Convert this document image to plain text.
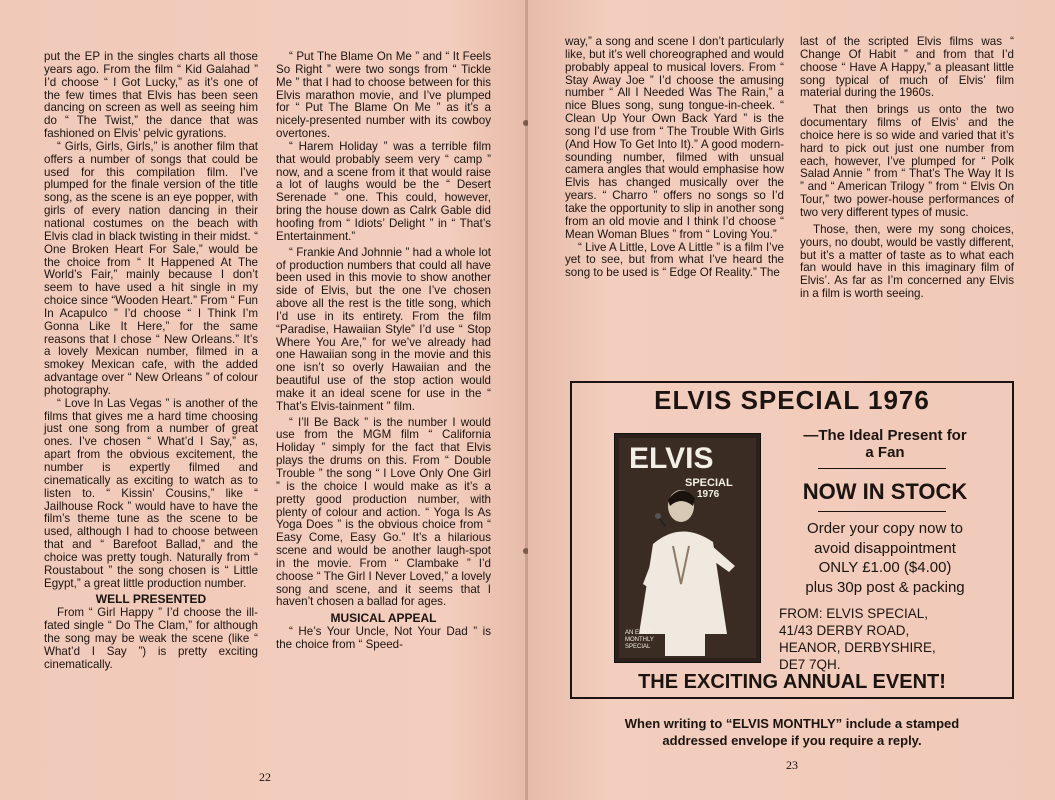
put the EP in the singles charts all those years ago. From the film “ Kid Galahad ” I’d choose “ I Got Lucky,” as it’s one of the few times that Elvis has been seen dancing on screen as well as seeing him do “ The Twist,” the dance that was fashioned on Elvis’ pelvic gyrations.

“ Girls, Girls, Girls,” is another film that offers a number of songs that could be used for this compilation film. I’ve plumped for the finale version of the title song, as the scene is an eye popper, with girls of every nation dancing in their national costumes on the beach with Elvis clad in black twisting in their midst. “ One Broken Heart For Sale,” would be the choice from “ It Happened At The World’s Fair,” mainly because I don’t seem to have used a hit single in my choice since “Wooden Heart.” From “ Fun In Acapulco ” I’d choose “ I Think I’m Gonna Like It Here,” for the same reasons that I chose “ New Orleans.” It’s a lovely Mexican number, filmed in a smokey Mexican cafe, with the added advantage over “ New Orleans ” of colour photography.

“ Love In Las Vegas ” is another of the films that gives me a hard time choosing just one song from a number of great ones. I’ve chosen “ What’d I Say,” as, apart from the obvious excitement, the number is expertly filmed and cinematically as exciting to watch as to listen to. “ Kissin’ Cousins,” like “ Jailhouse Rock ” would have to have the film’s theme tune as the scene to be used, although I had to choose between that and “ Barefoot Ballad,” and the choice was pretty tough. Naturally from “ Roustabout ” the song chosen is “ Little Egypt,” a great little production number.

WELL PRESENTED

From “ Girl Happy ” I’d choose the ill-fated single “ Do The Clam,” for although the song may be weak the scene (like “ What’d I Say ”) is pretty exciting cinematically.

“ Put The Blame On Me ” and “ It Feels So Right ” were two songs from “ Tickle Me ” that I had to choose between for this Elvis marathon movie, and I’ve plumped for “ Put The Blame On Me ” as it’s a nicely-presented number with its cowboy overtones.

“ Harem Holiday ” was a terrible film that would probably seem very “ camp ” now, and a scene from it that would raise a lot of laughs would be the “ Desert Serenade ” one. This could, however, bring the house down as Calrk Gable did hoofing from “ Idiots’ Delight ” in “ That’s Entertainment.”

“ Frankie And Johnnie ” had a whole lot of production numbers that could all have been used in this movie to show another side of Elvis, but the one I’ve chosen above all the rest is the title song, which I’d use in its entirety. From the film “Paradise, Hawaiian Style” I’d use “ Stop Where You Are,” for we’ve already had one Hawaiian song in the movie and this one isn’t so overly Hawaiian and the beautiful use of the stop action would make it an ideal scene for use in the “ That’s Elvis-tainment ” film.

“ I’ll Be Back ” is the number I would use from the MGM film “ California Holiday ” simply for the fact that Elvis plays the drums on this. From “ Double Trouble ” the song “ I Love Only One Girl ” is the choice I would make as it’s a pretty good production number, with plenty of colour and action. “ Yoga Is As Yoga Does ” is the obvious choice from “ Easy Come, Easy Go.” It’s a hilarious scene and would be another laugh-spot in the movie. From “ Clambake ” I’d choose “ The Girl I Never Loved,” a lovely song and scene, and it seems that I haven’t chosen a ballad for ages.

MUSICAL APPEAL

“ He’s Your Uncle, Not Your Dad ” is the choice from “ Speed-

22

way,” a song and scene I don’t particularly like, but it’s well choreographed and would probably appeal to musical lovers. From “ Stay Away Joe ” I’d choose the amusing number “ All I Needed Was The Rain,” a nice Blues song, sung tongue-in-cheek. “ Clean Up Your Own Back Yard ” is the song I’d use from “ The Trouble With Girls (And How To Get Into It).” A good modern-sounding number, filmed with unsual camera angles that would emphasise how Elvis has changed musically over the years. “ Charro ” offers no songs so I’d take the opportunity to slip in another song from an old movie and I think I’d choose “ Mean Woman Blues ” from “ Loving You.”

“ Live A Little, Love A Little ” is a film I’ve yet to see, but from what I’ve heard the song to be used is “ Edge Of Reality.” The

last of the scripted Elvis films was “ Change Of Habit ” and from that I’d choose “ Have A Happy,” a pleasant little song typical of much of Elvis’ film material during the 1960s.

That then brings us onto the two documentary films of Elvis’ and the choice here is so wide and varied that it’s hard to pick out just one number from each, however, I’ve plumped for “ Polk Salad Annie ” from “ That’s The Way It Is ” and “ American Trilogy ” from “ Elvis On Tour,” two power-house performances of two very different types of music.

Those, then, were my song choices, yours, no doubt, would be vastly different, but it’s a matter of taste as to what each fan would have in this imaginary film of Elvis’. As far as I’m concerned any Elvis in a film is worth seeing.

ELVIS SPECIAL 1976
ELVIS
SPECIAL
1976
AN ELVIS
MONTHLY
SPECIAL
—The Ideal Present for
a Fan
NOW IN STOCK
Order your copy now to
avoid disappointment
ONLY £1.00 ($4.00)
plus 30p post & packing
FROM: ELVIS SPECIAL,
41/43 DERBY ROAD,
HEANOR, DERBYSHIRE,
DE7 7QH.
THE EXCITING ANNUAL EVENT!
When writing to “ELVIS MONTHLY” include a stamped
addressed envelope if you require a reply.
23
